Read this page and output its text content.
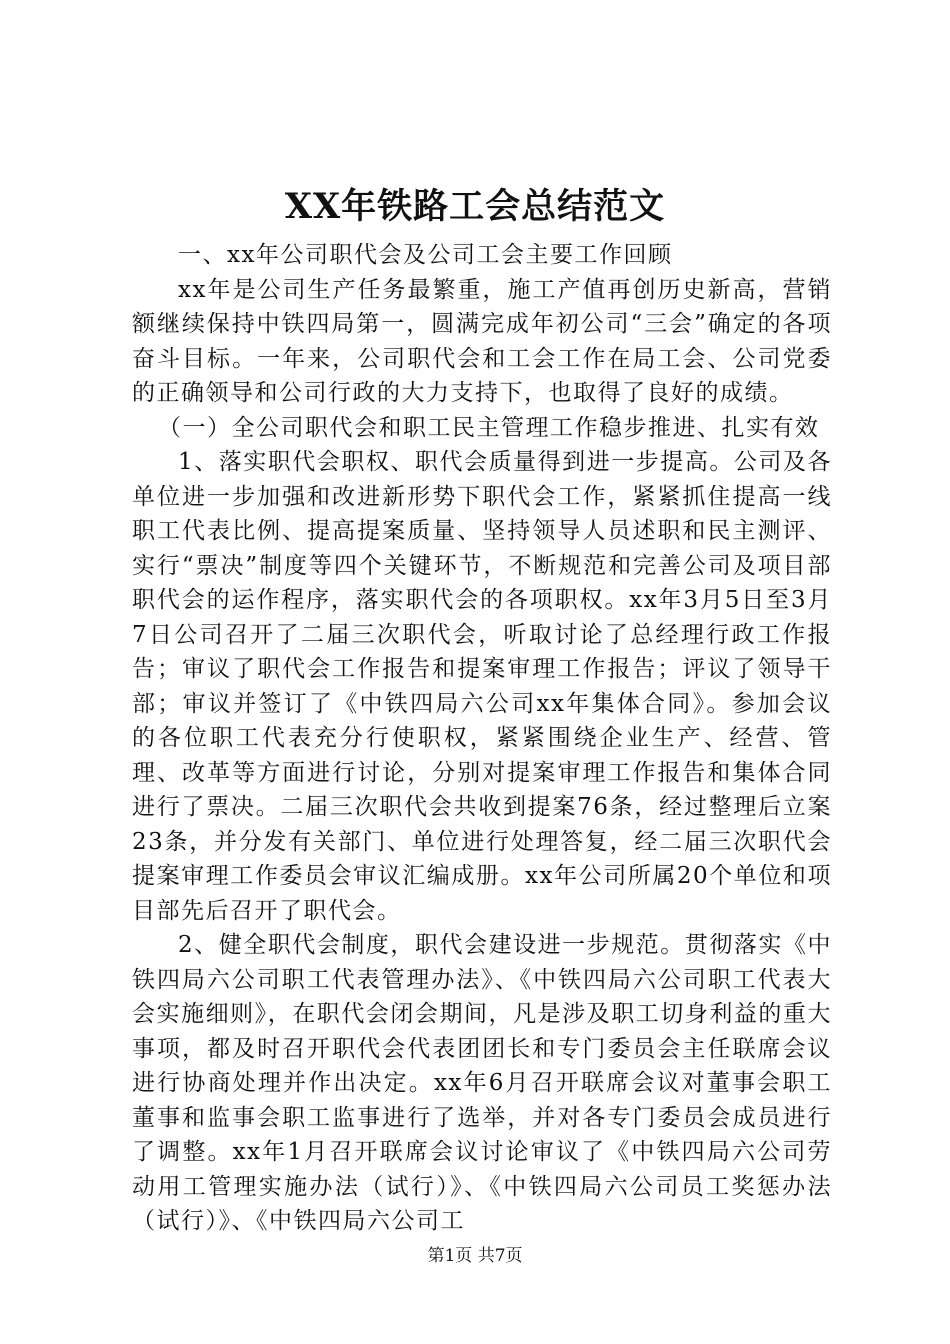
XX年铁路工会总结范文

一、xx年公司职代会及公司工会主要工作回顾

xx年是公司生产任务最繁重，施工产值再创历史新高，营销额继续保持中铁四局第一，圆满完成年初公司“三会”确定的各项奋斗目标。一年来，公司职代会和工会工作在局工会、公司党委的正确领导和公司行政的大力支持下，也取得了良好的成绩。

（一）全公司职代会和职工民主管理工作稳步推进、扎实有效

1、落实职代会职权、职代会质量得到进一步提高。公司及各单位进一步加强和改进新形势下职代会工作，紧紧抓住提高一线职工代表比例、提高提案质量、坚持领导人员述职和民主测评、实行“票决”制度等四个关键环节，不断规范和完善公司及项目部职代会的运作程序，落实职代会的各项职权。xx年3月5日至3月7日公司召开了二届三次职代会，听取讨论了总经理行政工作报告；审议了职代会工作报告和提案审理工作报告；评议了领导干部；审议并签订了《中铁四局六公司xx年集体合同》。参加会议的各位职工代表充分行使职权，紧紧围绕企业生产、经营、管理、改革等方面进行讨论，分别对提案审理工作报告和集体合同进行了票决。二届三次职代会共收到提案76条，经过整理后立案23条，并分发有关部门、单位进行处理答复，经二届三次职代会提案审理工作委员会审议汇编成册。xx年公司所属20个单位和项目部先后召开了职代会。

2、健全职代会制度，职代会建设进一步规范。贯彻落实《中铁四局六公司职工代表管理办法》、《中铁四局六公司职工代表大会实施细则》，在职代会闭会期间，凡是涉及职工切身利益的重大事项，都及时召开职代会代表团团长和专门委员会主任联席会议进行协商处理并作出决定。xx年6月召开联席会议对董事会职工董事和监事会职工监事进行了选举，并对各专门委员会成员进行了调整。xx年1月召开联席会议讨论审议了《中铁四局六公司劳动用工管理实施办法（试行）》、《中铁四局六公司员工奖惩办法（试行）》、《中铁四局六公司工

第1页 共7页
